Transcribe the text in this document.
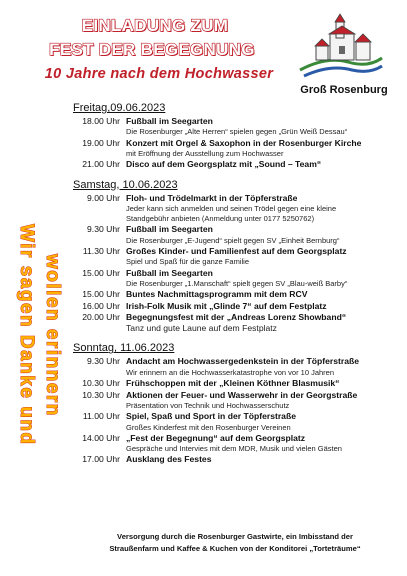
EINLADUNG ZUM
FEST DER BEGEGNUNG
10 Jahre nach dem Hochwasser
Groß Rosenburg
Wir sagen Danke und wollen erinnern
Freitag,09.06.2023
18.00 Uhr Fußball im Seegarten
Die Rosenburger „Alte Herren“ spielen gegen „Grün Weiß Dessau“
19.00 Uhr Konzert mit Orgel & Saxophon in der Rosenburger Kirche
mit Eröffnung der Ausstellung zum Hochwasser
21.00 Uhr Disco auf dem Georgsplatz mit „Sound – Team“
Samstag, 10.06.2023
9.00 Uhr Floh- und Trödelmarkt in der Töpferstraße
Jeder kann sich anmelden und seinen Trödel gegen eine kleine
Standgebühr anbieten (Anmeldung unter 0177 5250762)
9.30 Uhr Fußball im Seegarten
Die Rosenburger „E-Jugend“ spielt gegen SV „Einheit Bernburg“
11.30 Uhr Großes Kinder- und Familienfest auf dem Georgsplatz
Spiel und Spaß für die ganze Familie
15.00 Uhr Fußball im Seegarten
Die Rosenburger „1.Manschaft“ spielt gegen SV „Blau-weiß Barby“
15.00 Uhr Buntes Nachmittagsprogramm mit dem RCV
16.00 Uhr Irish-Folk Musik mit „Glinde 7“ auf dem Festplatz
20.00 Uhr Begegnungsfest mit der „Andreas Lorenz Showband“
Tanz und gute Laune auf dem Festplatz
Sonntag, 11.06.2023
9.30 Uhr Andacht am Hochwassergedenkstein in der Töpferstraße
Wir erinnern an die Hochwasserkatastrophe von vor 10 Jahren
10.30 Uhr Frühschoppen mit der „Kleinen Köthner Blasmusik“
10.30 Uhr Aktionen der Feuer- und Wasserwehr in der Georgstraße
Präsentation von Technik und Hochwasserschutz
11.00 Uhr Spiel, Spaß und Sport in der Töpferstraße
Großes Kinderfest mit den Rosenburger Vereinen
14.00 Uhr „Fest der Begegnung“ auf dem Georgsplatz
Gespräche und Intervies mit dem MDR, Musik und vielen Gästen
17.00 Uhr Ausklang des Festes
Versorgung durch die Rosenburger Gastwirte, ein Imbisstand der
Straußenfarm und Kaffee & Kuchen von der Konditorei „Torteträume“
